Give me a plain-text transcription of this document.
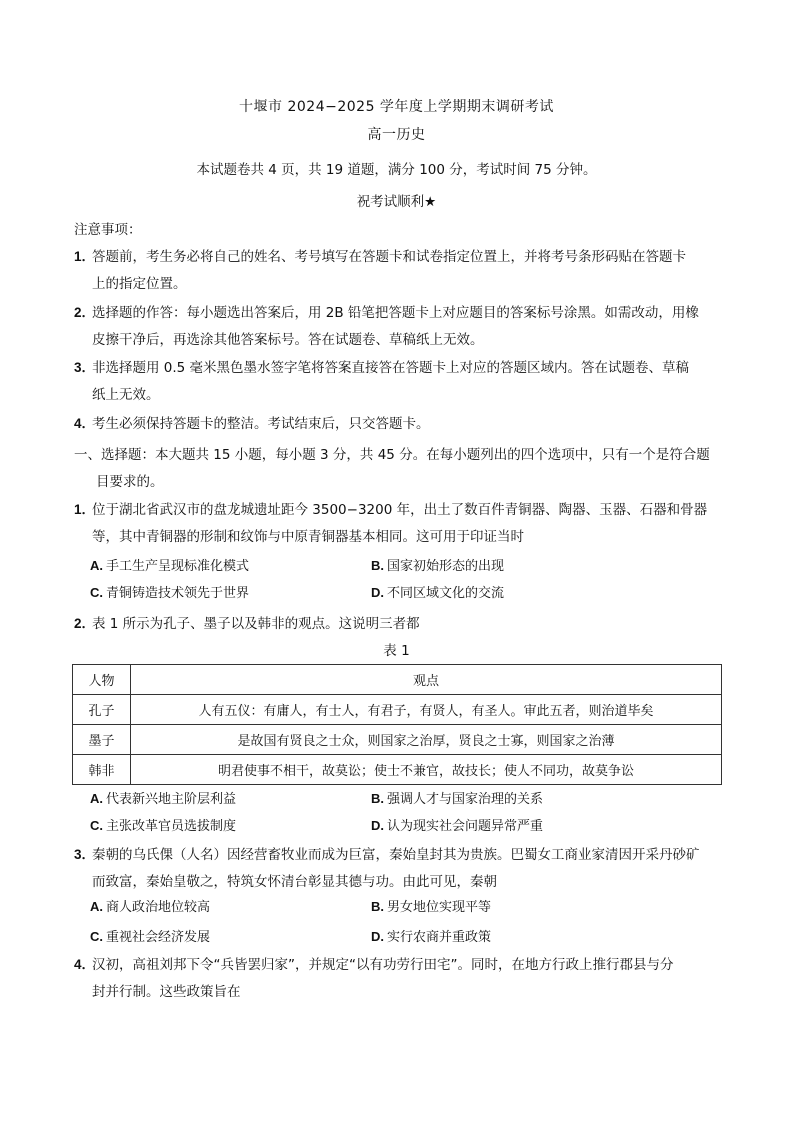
十堰市 2024−2025 学年度上学期期末调研考试
高一历史
本试题卷共 4 页，共 19 道题，满分 100 分，考试时间 75 分钟。
祝考试顺利★
注意事项：
1．
答题前，考生务必将自己的姓名、考号填写在答题卡和试卷指定位置上，并将考号条形码贴在答题卡
上的指定位置。
2．
选择题的作答：每小题选出答案后，用 2B 铅笔把答题卡上对应题目的答案标号涂黑。如需改动，用橡
皮擦干净后，再选涂其他答案标号。答在试题卷、草稿纸上无效。
3．
非选择题用 0.5 毫米黑色墨水签字笔将答案直接答在答题卡上对应的答题区域内。答在试题卷、草稿
纸上无效。
4．
考生必须保持答题卡的整洁。考试结束后，只交答题卡。
一、选择题：本大题共 15 小题，每小题 3 分，共 45 分。在每小题列出的四个选项中，只有一个是符合题
目要求的。
1．
位于湖北省武汉市的盘龙城遗址距今 3500−3200 年，出土了数百件青铜器、陶器、玉器、石器和骨器
等，其中青铜器的形制和纹饰与中原青铜器基本相同。这可用于印证当时
A. 手工生产呈现标准化模式	B. 国家初始形态的出现
C. 青铜铸造技术领先于世界	D. 不同区域文化的交流
2．
表 1 所示为孔子、墨子以及韩非的观点。这说明三者都
表 1
人物	观点
孔子	人有五仪：有庸人，有士人，有君子，有贤人，有圣人。审此五者，则治道毕矣
墨子	是故国有贤良之士众，则国家之治厚，贤良之士寡，则国家之治薄
韩非	明君使事不相干，故莫讼；使士不兼官，故技长；使人不同功，故莫争讼
A. 代表新兴地主阶层利益	B. 强调人才与国家治理的关系
C. 主张改革官员选拔制度	D. 认为现实社会问题异常严重
3．
秦朝的乌氏倮（人名）因经营畜牧业而成为巨富，秦始皇封其为贵族。巴蜀女工商业家清因开采丹砂矿
而致富，秦始皇敬之，特筑女怀清台彰显其德与功。由此可见，秦朝
A. 商人政治地位较高	B. 男女地位实现平等
C. 重视社会经济发展	D. 实行农商并重政策
4．
汉初，高祖刘邦下令“兵皆罢归家”，并规定“以有功劳行田宅”。同时，在地方行政上推行郡县与分
封并行制。这些政策旨在
